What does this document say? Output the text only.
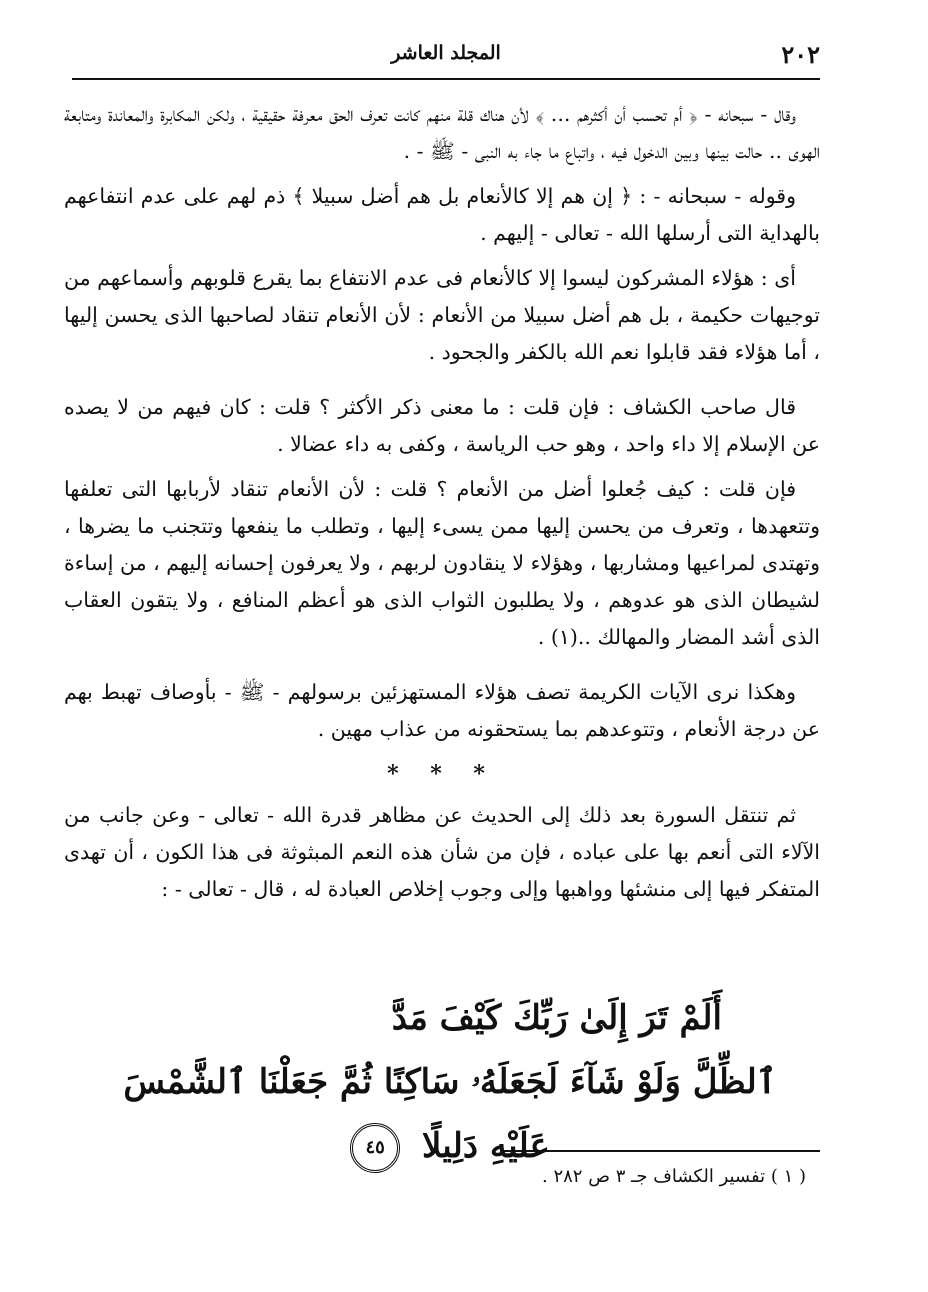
٢٠٢
المجلد العاشر

وقال - سبحانه - ﴿ أم تحسب أن أكثرهم ... ﴾ لأن هناك قلة منهم كانت تعرف الحق معرفة حقيقية ، ولكن المكابرة والمعاندة ومتابعة الهوى .. حالت بينها وبين الدخول فيه ، واتباع ما جاء به النبى - ﷺ - .

وقوله - سبحانه - : ﴿ إن هم إلا كالأنعام بل هم أضل سبيلا ﴾ ذم لهم على عدم انتفاعهم بالهداية التى أرسلها الله - تعالى - إليهم .

أى : هؤلاء المشركون ليسوا إلا كالأنعام فى عدم الانتفاع بما يقرع قلوبهم وأسماعهم من توجيهات حكيمة ، بل هم أضل سبيلا من الأنعام : لأن الأنعام تنقاد لصاحبها الذى يحسن إليها ، أما هؤلاء فقد قابلوا نعم الله بالكفر والجحود .

قال صاحب الكشاف : فإن قلت : ما معنى ذكر الأكثر ؟ قلت : كان فيهم من لا يصده عن الإسلام إلا داء واحد ، وهو حب الرياسة ، وكفى به داء عضالا .

فإن قلت : كيف جُعلوا أضل من الأنعام ؟ قلت : لأن الأنعام تنقاد لأربابها التى تعلفها وتتعهدها ، وتعرف من يحسن إليها ممن يسىء إليها ، وتطلب ما ينفعها وتتجنب ما يضرها ، وتهتدى لمراعيها ومشاربها ، وهؤلاء لا ينقادون لربهم ، ولا يعرفون إحسانه إليهم ، من إساءة لشيطان الذى هو عدوهم ، ولا يطلبون الثواب الذى هو أعظم المنافع ، ولا يتقون العقاب الذى أشد المضار والمهالك ..(١) .

وهكذا نرى الآيات الكريمة تصف هؤلاء المستهزئين برسولهم - ﷺ - بأوصاف تهبط بهم عن درجة الأنعام ، وتتوعدهم بما يستحقونه من عذاب مهين .

* * *

ثم تنتقل السورة بعد ذلك إلى الحديث عن مظاهر قدرة الله - تعالى - وعن جانب من الآلاء التى أنعم بها على عباده ، فإن من شأن هذه النعم المبثوثة فى هذا الكون ، أن تهدى المتفكر فيها إلى منشئها وواهبها وإلى وجوب إخلاص العبادة له ، قال - تعالى - :

أَلَمْ تَرَ إِلَىٰ رَبِّكَ كَيْفَ مَدَّ
ٱلظِّلَّ وَلَوْ شَآءَ لَجَعَلَهُۥ سَاكِنًا ثُمَّ جَعَلْنَا ٱلشَّمْسَ عَلَيْهِ دَلِيلًا ٤٥
( ١ ) تفسير الكشاف جـ ٣ ص ٢٨٢ .
